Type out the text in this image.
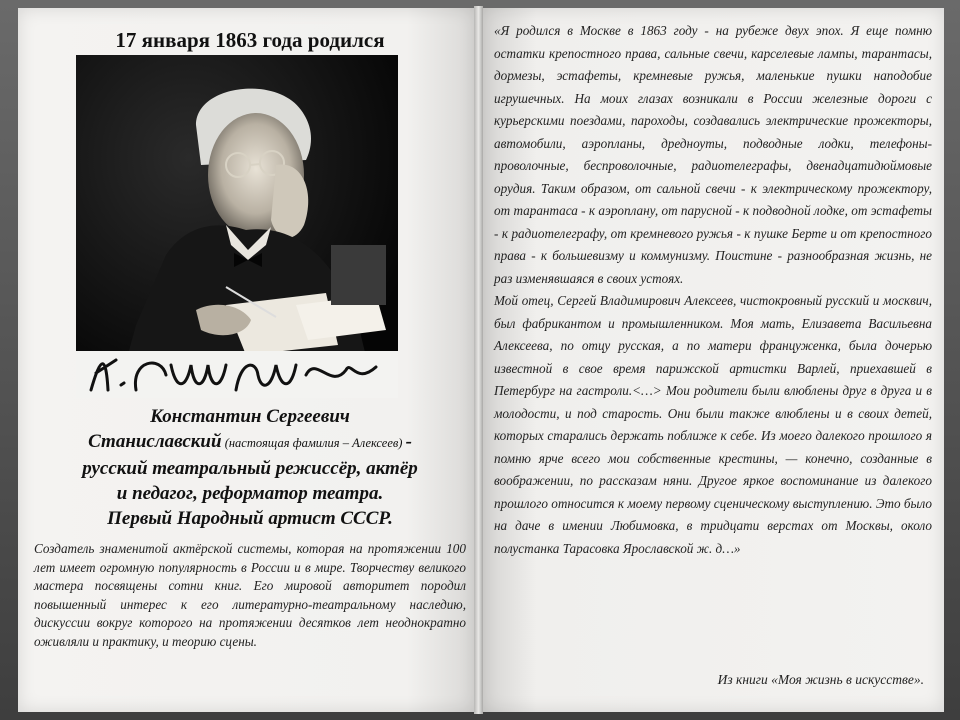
17 января 1863 года родился
Константин Сергеевич
Станиславский (настоящая фамилия – Алексеев) -
русский театральный режиссёр, актёр
и педагог, реформатор театра.
Первый Народный артист СССР.
Создатель знаменитой актёрской системы, которая на протяжении 100 лет имеет огромную популярность в России и в мире. Творчеству великого мастера посвящены сотни книг. Его мировой авторитет породил повышенный интерес к его литературно-театральному наследию, дискуссии вокруг которого на протяжении десятков лет неоднократно оживляли и практику, и теорию сцены.

«Я родился в Москве в 1863 году - на рубеже двух эпох. Я еще помню остатки крепостного права, сальные свечи, карселевые лампы, тарантасы, дормезы, эстафеты, кремневые ружья, маленькие пушки наподобие игрушечных. На моих глазах возникали в России железные дороги с курьерскими поездами, пароходы, создавались электрические прожекторы, автомобили, аэропланы, дредноуты, подводные лодки, телефоны-проволочные, беспроволочные, радиотелеграфы, двенадцатидюймовые орудия. Таким образом, от сальной свечи - к электрическому прожектору, от тарантаса - к аэроплану, от парусной - к подводной лодке, от эстафеты - к радиотелеграфу, от кремневого ружья - к пушке Берте и от крепостного права - к большевизму и коммунизму. Поистине - разнообразная жизнь, не раз изменявшаяся в своих устоях.

Мой отец, Сергей Владимирович Алексеев, чистокровный русский и москвич, был фабрикантом и промышленником. Моя мать, Елизавета Васильевна Алексеева, по отцу русская, а по матери француженка, была дочерью известной в свое время парижской артистки Варлей, приехавшей в Петербург на гастроли.<…> Мои родители были влюблены друг в друга и в молодости, и под старость. Они были также влюблены и в своих детей, которых старались держать поближе к себе. Из моего далекого прошлого я помню ярче всего мои собственные крестины, — конечно, созданные в воображении, по рассказам няни. Другое яркое воспоминание из далекого прошлого относится к моему первому сценическому выступлению. Это было на даче в имении Любимовка, в тридцати верстах от Москвы, около полустанка Тарасовка Ярославской ж. д…»

Из книги «Моя жизнь в искусстве».
